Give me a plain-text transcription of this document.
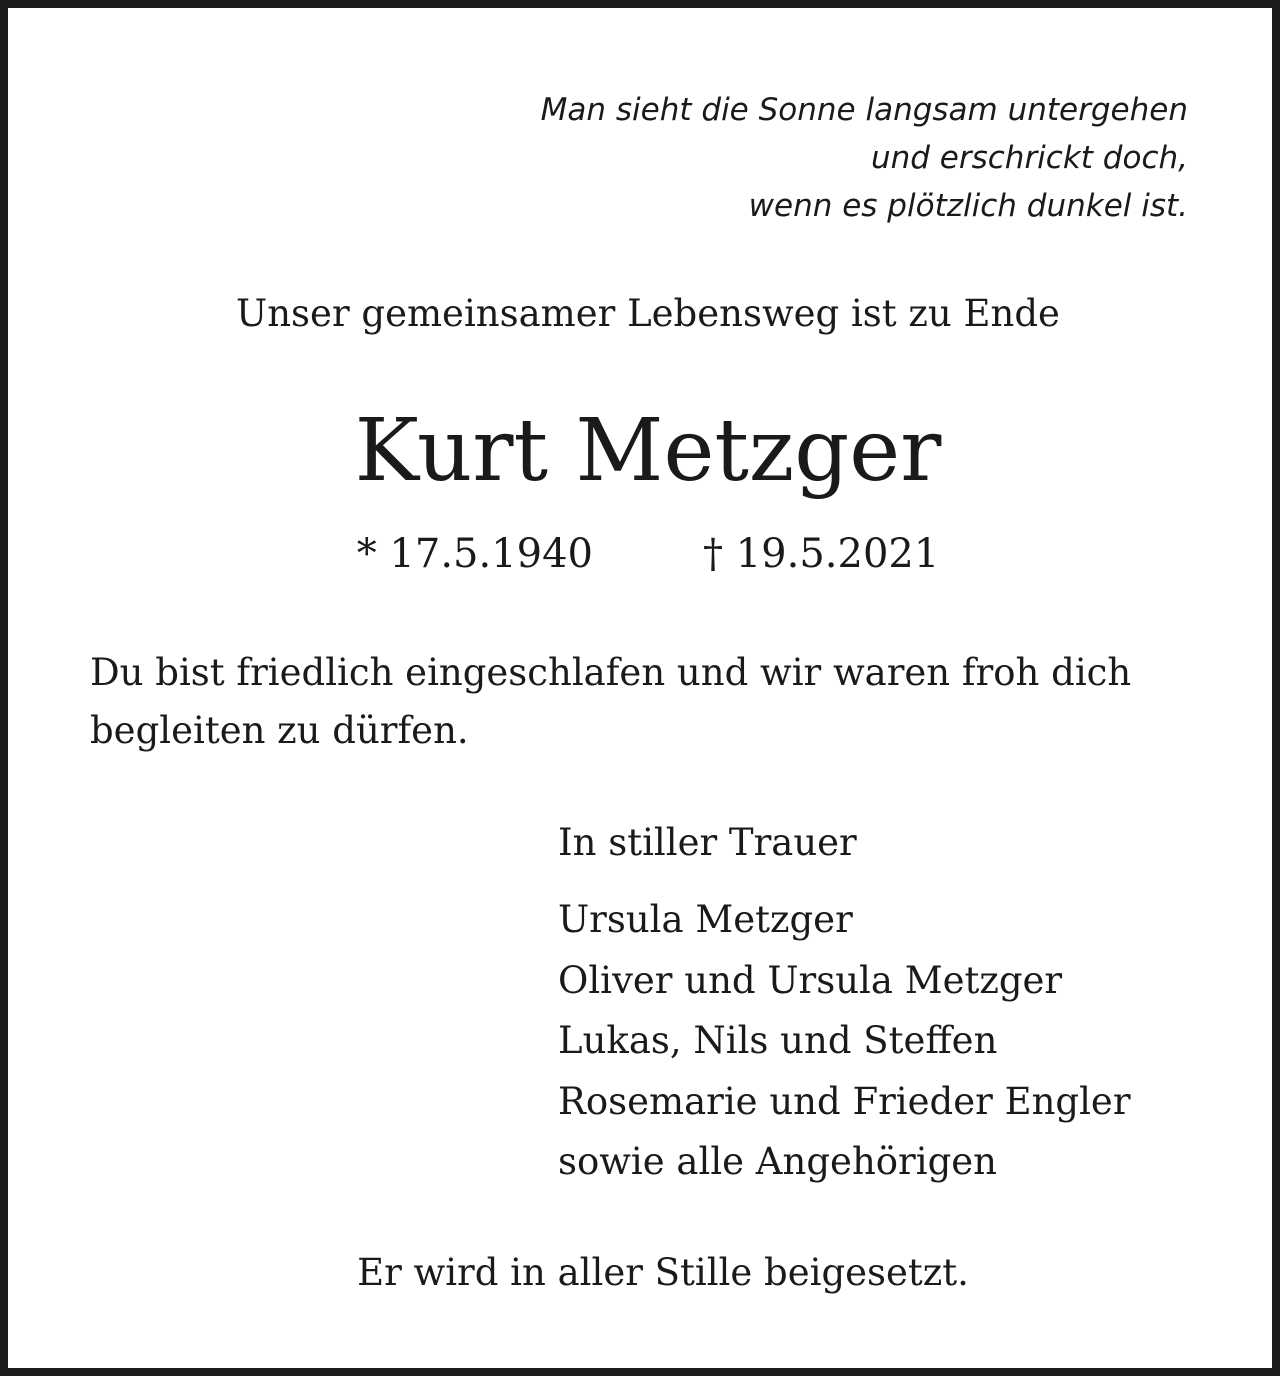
Man sieht die Sonne langsam untergehen
und erschrickt doch,
wenn es plötzlich dunkel ist.
Unser gemeinsamer Lebensweg ist zu Ende
Kurt Metzger
* 17.5.1940	† 19.5.2021
Du bist friedlich eingeschlafen und wir waren froh dich begleiten zu dürfen.
In stiller Trauer
Ursula Metzger
Oliver und Ursula Metzger
Lukas, Nils und Steffen
Rosemarie und Frieder Engler
sowie alle Angehörigen
Er wird in aller Stille beigesetzt.
